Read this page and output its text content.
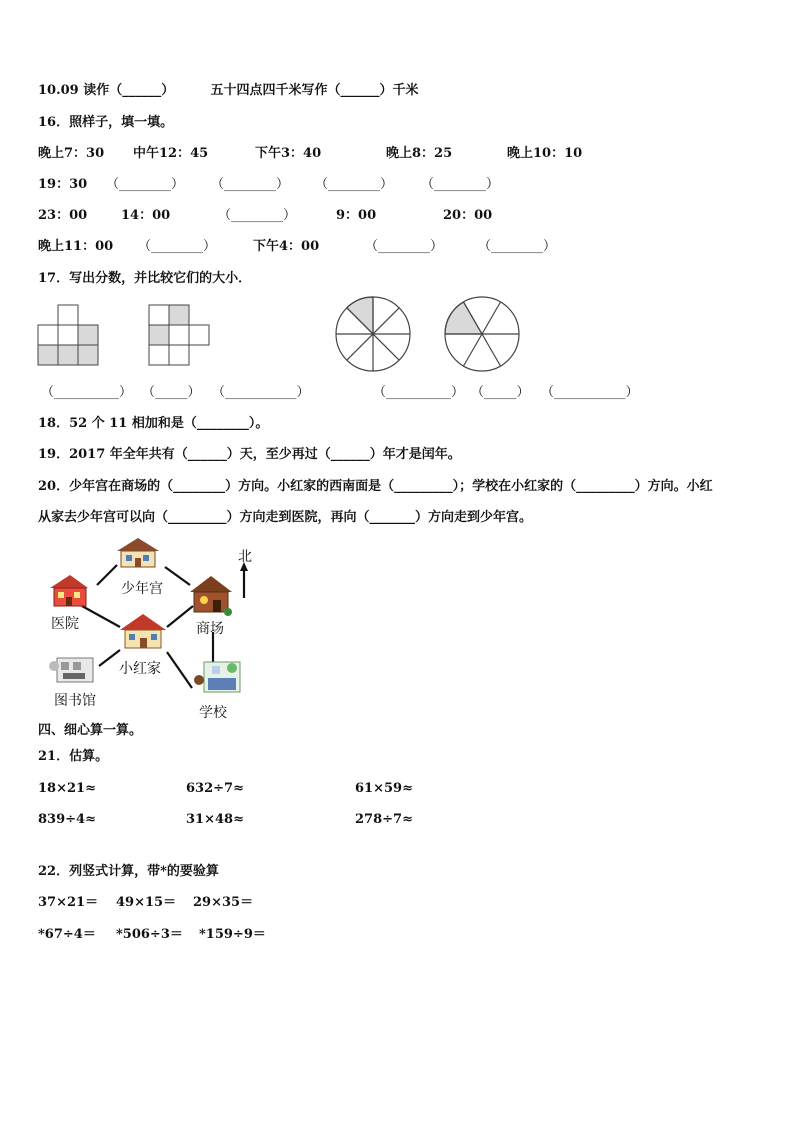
10.09 读作（______）        五十四点四千米写作（______）千米
16．照样子，填一填。
晚上7：30 中午12：45	下午3：40	晚上8：25	晚上10：10
19：30 （________） （________） （________） （________）
23：00	14：00	（________）	9：00	20：00
晚上11：00 （________）	下午4：00	（________）	（________）
17．写出分数，并比较它们的大小．
少年宫
医院	商场
小红家
图书馆
学校
北
（__________） （_____） （___________）	（__________） （_____） （___________）
18．52 个 11 相加和是（________）。
19．2017 年全年共有（______）天，至少再过（______）年才是闰年。
20．少年宫在商场的（________）方向。小红家的西南面是（_________）；学校在小红家的（_________）方向。小红
从家去少年宫可以向（_________）方向走到医院，再向（_______）方向走到少年宫。
四、细心算一算。
21．估算。
18×21≈	632÷7≈	61×59≈
839÷4≈	31×48≈	278÷7≈
22．列竖式计算，带*的要验算
37×21＝ 49×15＝ 29×35＝
*67÷4＝ *506÷3＝ *159÷9＝
